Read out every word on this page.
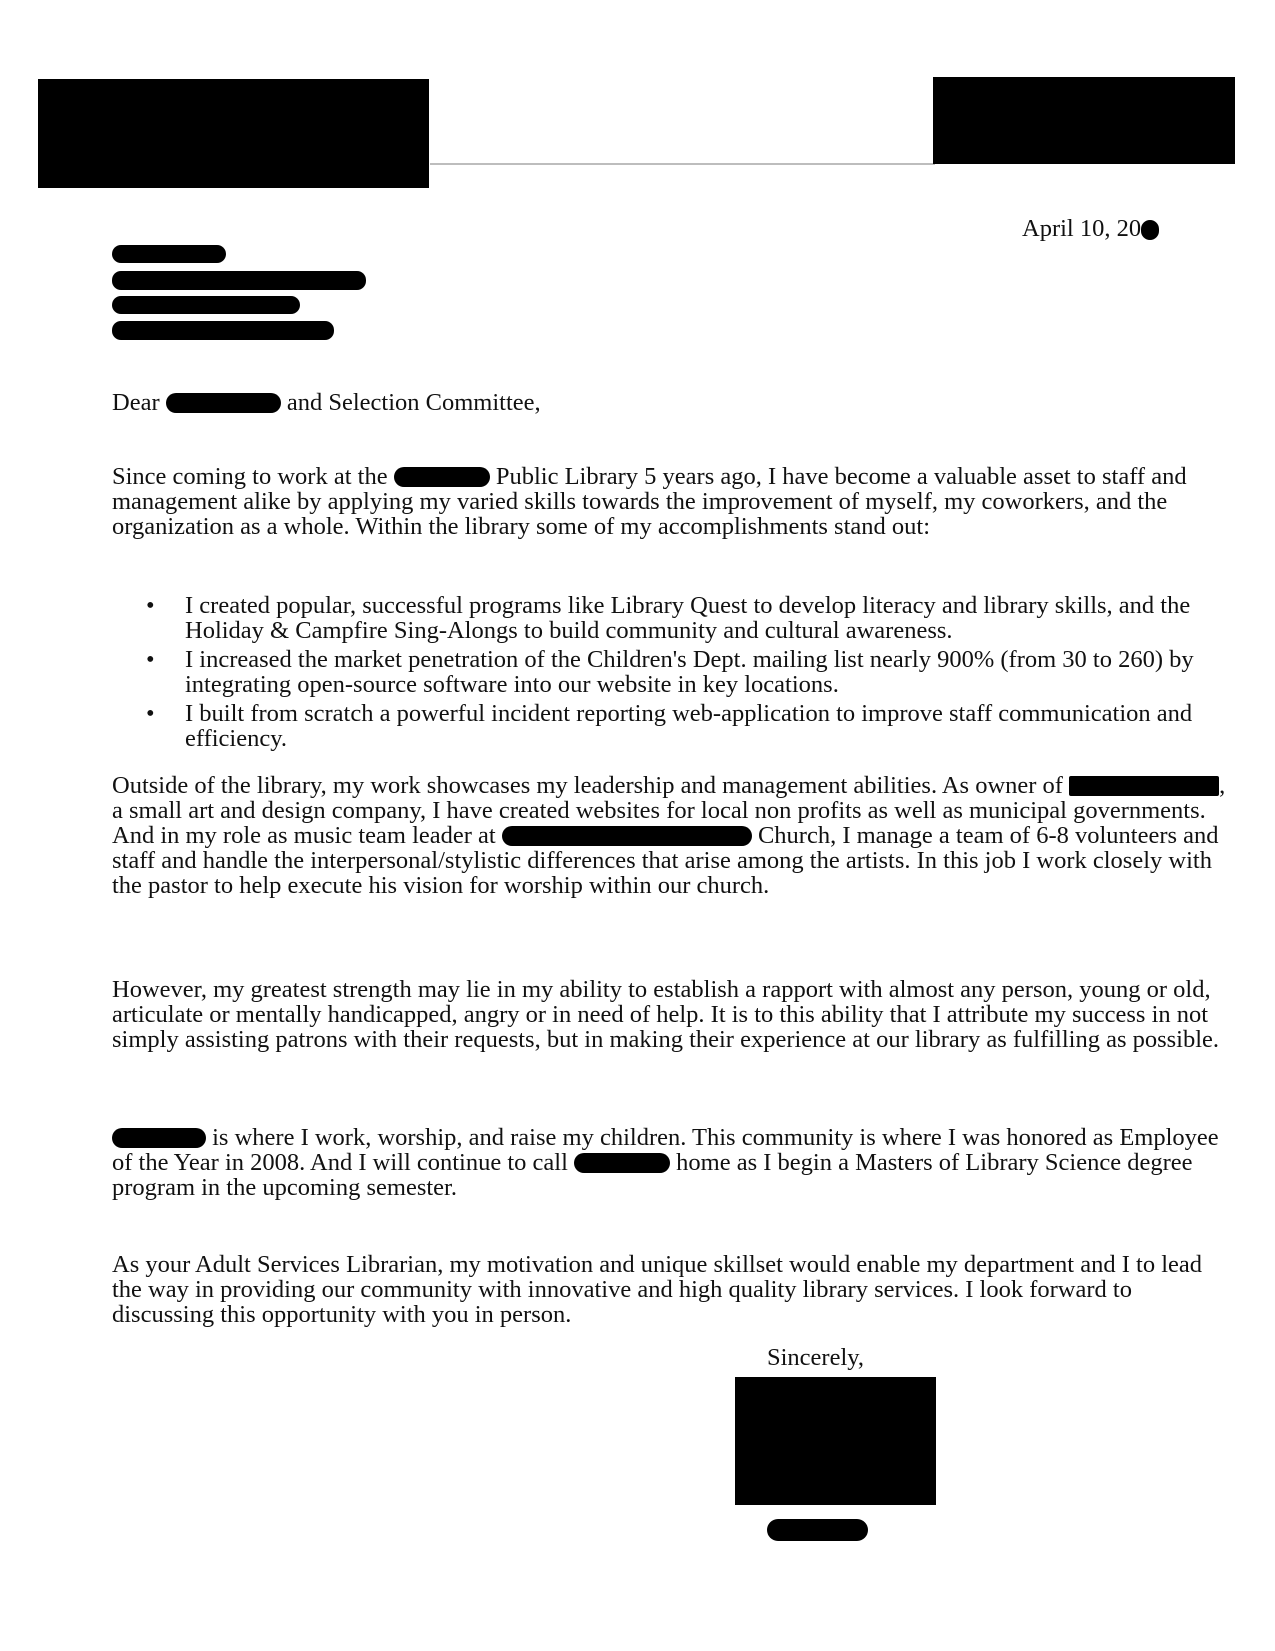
April 10, 20
Dear	and Selection Committee,
Since coming to work at the	Public Library 5 years ago, I have become a valuable asset to staff and management alike by applying my varied skills towards the improvement of myself, my coworkers, and the organization as a whole. Within the library some of my accomplishments stand out:
• I created popular, successful programs like Library Quest to develop literacy and library skills, and the Holiday & Campfire Sing-Alongs to build community and cultural awareness.
• I increased the market penetration of the Children's Dept. mailing list nearly 900% (from 30 to 260) by integrating open-source software into our website in key locations.
• I built from scratch a powerful incident reporting web-application to improve staff communication and efficiency.
Outside of the library, my work showcases my leadership and management abilities. As owner of	, a small art and design company, I have created websites for local non profits as well as municipal governments. And in my role as music team leader at	Church, I manage a team of 6-8 volunteers and staff and handle the interpersonal/stylistic differences that arise among the artists. In this job I work closely with the pastor to help execute his vision for worship within our church.
However, my greatest strength may lie in my ability to establish a rapport with almost any person, young or old, articulate or mentally handicapped, angry or in need of help. It is to this ability that I attribute my success in not simply assisting patrons with their requests, but in making their experience at our library as fulfilling as possible.
is where I work, worship, and raise my children. This community is where I was honored as Employee of the Year in 2008. And I will continue to call	home as I begin a Masters of Library Science degree program in the upcoming semester.
As your Adult Services Librarian, my motivation and unique skillset would enable my department and I to lead the way in providing our community with innovative and high quality library services. I look forward to discussing this opportunity with you in person.
Sincerely,
